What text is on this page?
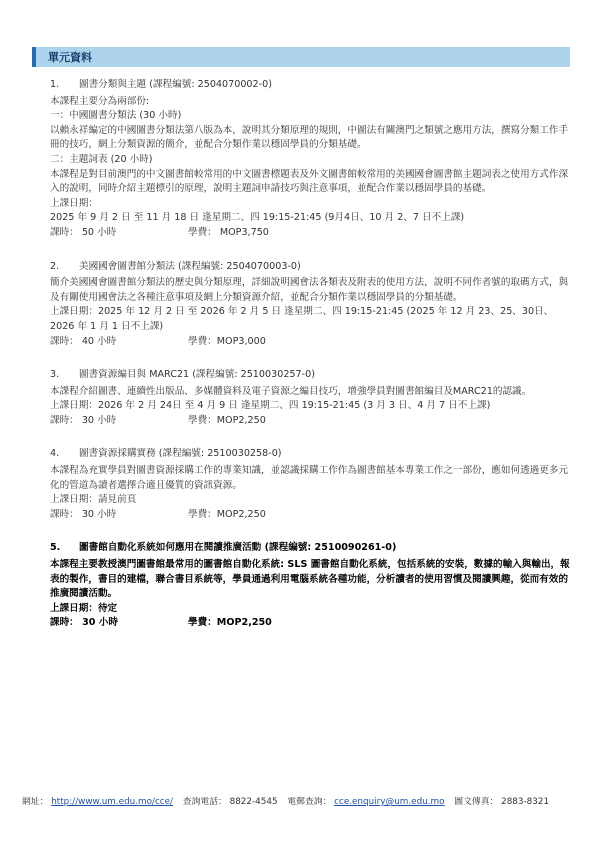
單元資料

1. 圖書分類與主題 (課程編號: 2504070002-0)

本課程主要分為兩部份:

一：中國圖書分類法 (30 小時)

以賴永祥編定的中國圖書分類法第八版為本，說明其分類原理的規則，中圖法有關澳門之類號之應用方法，撰寫分類工作手冊的技巧，網上分類資源的簡介，並配合分類作業以穩固學員的分類基礎。

二：主題詞表 (20 小時)

本課程是對目前澳門的中文圖書館較常用的中文圖書標題表及外文圖書館較常用的美國國會圖書館主題詞表之使用方式作深入的說明，同時介紹主題標引的原理，說明主題詞申請技巧與注意事項，並配合作業以穩固學員的基礎。

上課日期：

2025 年 9 月 2 日 至 11 月 18 日 逢星期二、四 19:15-21:45 (9月4日、10 月 2、7 日不上課)

課時： 50 小時	學費： MOP3,750

2. 美國國會圖書館分類法 (課程編號: 2504070003-0)

簡介美國國會圖書館分類法的歷史與分類原理，詳細說明國會法各類表及附表的使用方法，說明不同作者號的取碼方式，與及有關使用國會法之各種注意事項及網上分類資源介紹，並配合分類作業以穩固學員的分類基礎。

上課日期：2025 年 12 月 2 日 至 2026 年 2 月 5 日 逢星期二、四 19:15-21:45 (2025 年 12 月 23、25、30日、2026 年 1 月 1 日不上課)

課時： 40 小時	學費：MOP3,000

3. 圖書資源編目與 MARC21 (課程編號: 2510030257-0)

本課程介紹圖書、連續性出版品、多媒體資料及電子資源之編目技巧，增強學員對圖書館編目及MARC21的認識。

上課日期：2026 年 2 月 24日 至 4 月 9 日 逢星期二、四 19:15-21:45 (3 月 3 日、4 月 7 日不上課)

課時： 30 小時	學費：MOP2,250

4. 圖書資源採購實務 (課程編號: 2510030258-0)

本課程為充實學員對圖書資源採購工作的專業知識，並認識採購工作作為圖書館基本專業工作之一部份，應如何透過更多元化的管道為讀者選擇合適且優質的資訊資源。

上課日期：請見前頁

課時： 30 小時	學費：MOP2,250

5. 圖書館自動化系統如何應用在閱讀推廣活動 (課程編號: 2510090261-0)

本課程主要教授澳門圖書館最常用的圖書館自動化系統: SLS 圖書館自動化系統，包括系統的安裝，數據的輸入與輸出，報表的製作，書目的建檔，聯合書目系統等，學員通過利用電腦系統各種功能，分析讀者的使用習慣及閱讀興趣，從而有效的推廣閱讀活動。

上課日期：待定

課時： 30 小時	學費：MOP2,250
網址： http://www.um.edu.mo/cce/ 查詢電話： 8822-4545 電郵查詢： cce.enquiry@um.edu.mo 圖文傳真： 2883-8321
